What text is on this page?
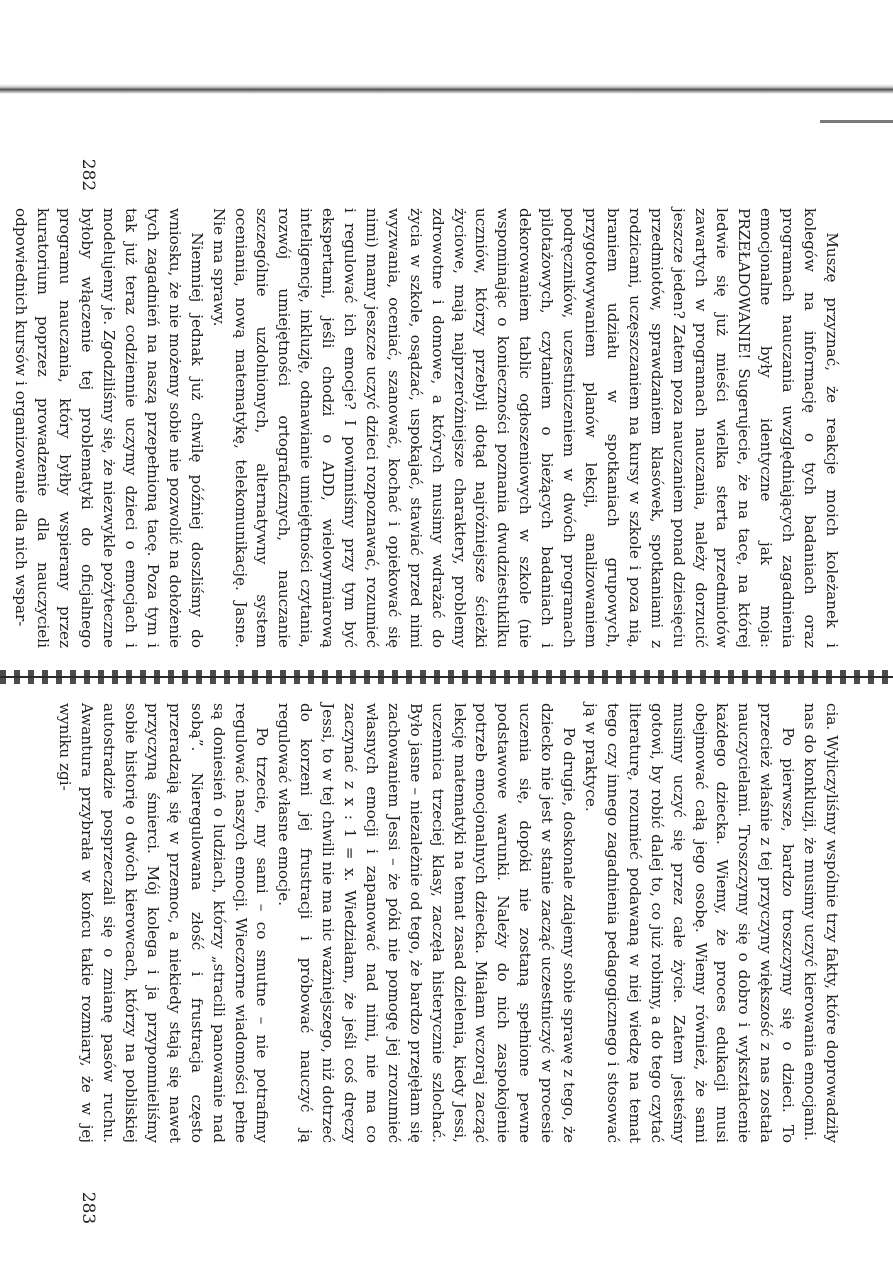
Muszę przyznać, że reakcje moich koleżanek i kolegów na informację o tych badaniach oraz programach nauczania uwzględniających zagadnienia emocjonalne były identyczne jak moja: PRZEŁADOWANIE! Sugerujecie, że na tacę, na której ledwie się już mieści wielka sterta przedmiotów zawartych w programach nauczania, należy dorzucić jeszcze jeden? Zatem poza nauczaniem ponad dziesięciu przedmiotów, sprawdzaniem klasówek, spotkaniami z rodzicami, uczęszczaniem na kursy w szkole i poza nią, braniem udziału w spotkaniach grupowych, przygotowywaniem planów lekcji, analizowaniem podręczników, uczestniczeniem w dwóch programach pilotażowych, czytaniem o bieżących badaniach i dekorowaniem tablic ogłoszeniowych w szkole (nie wspominając o konieczności poznania dwudziestukilku uczniów, którzy przebyli dotąd najróżniejsze ścieżki życiowe, mają najprzeróżniejsze charaktery, problemy zdrowotne i domowe, a których musimy wdrażać do życia w szkole, osądzać, uspokajać, stawiać przed nimi wyzwania, oceniać, szanować, kochać i opiekować się nimi) mamy jeszcze uczyć dzieci rozpoznawać, rozumieć i regulować ich emocje? I powinniśmy przy tym być ekspertami, jeśli chodzi o ADD, wielowymiarową inteligencję, inkluzję, odnawianie umiejętności czytania, rozwój umiejętności ortograficznych, nauczanie szczególnie uzdolnionych, alternatywny system oceniania, nową matematykę, telekomunikację. Jasne. Nie ma sprawy.

Niemniej jednak już chwilę później doszliśmy do wniosku, że nie możemy sobie nie pozwolić na dołożenie tych zagadnień na naszą przepełnioną tacę. Poza tym i tak już teraz codziennie uczymy dzieci o emocjach i modelujemy je. Zgodziliśmy się, że niezwykle pożyteczne byłoby włączenie tej problematyki do oficjalnego programu nauczania, który byłby wspierany przez kuratorium poprzez prowadzenie dla nauczycieli odpowiednich kursów i organizowanie dla nich wspar-

cia. Wyliczyliśmy wspólnie trzy fakty, które doprowadziły nas do konkluzji, że musimy uczyć kierowania emocjami.

Po pierwsze, bardzo troszczymy się o dzieci. To przecież właśnie z tej przyczyny większość z nas została nauczycielami. Troszczymy się o dobro i wykształcenie każdego dziecka. Wiemy, że proces edukacji musi obejmować całą jego osobę. Wiemy również, że sami musimy uczyć się przez całe życie. Zatem jesteśmy gotowi, by robić dalej to, co już robimy, a do tego czytać literaturę, rozumieć podawaną w niej wiedzę na temat tego czy innego zagadnienia pedagogicznego i stosować ją w praktyce.

Po drugie, doskonale zdajemy sobie sprawę z tego, że dziecko nie jest w stanie zacząć uczestniczyć w procesie uczenia się, dopóki nie zostaną spełnione pewne podstawowe warunki. Należy do nich zaspokojenie potrzeb emocjonalnych dziecka. Miałam wczoraj zacząć lekcję matematyki na temat zasad dzielenia, kiedy Jessi, uczennica trzeciej klasy, zaczęła histerycznie szlochać. Było jasne – niezależnie od tego, że bardzo przejęłam się zachowaniem Jessi – że póki nie pomogę jej zrozumieć własnych emocji i zapanować nad nimi, nie ma co zaczynać z x : 1 = x. Wiedziałam, że jeśli coś dręczy Jessi, to w tej chwili nie ma nic ważniejszego, niż dotrzeć do korzeni jej frustracji i próbować nauczyć ją regulować własne emocje.

Po trzecie, my sami – co smutne – nie potrafimy regulować naszych emocji. Wieczorne wiadomości pełne są doniesień o ludziach, którzy „stracili panowanie nad sobą”. Nieregulowana złość i frustracja często przeradzają się w przemoc, a niekiedy stają się nawet przyczyną śmierci. Mój kolega i ja przypomnieliśmy sobie historię o dwóch kierowcach, którzy na pobliskiej autostradzie posprzeczali się o zmianę pasów ruchu. Awantura przybrała w końcu takie rozmiary, że w jej wyniku zgi-

282
283
